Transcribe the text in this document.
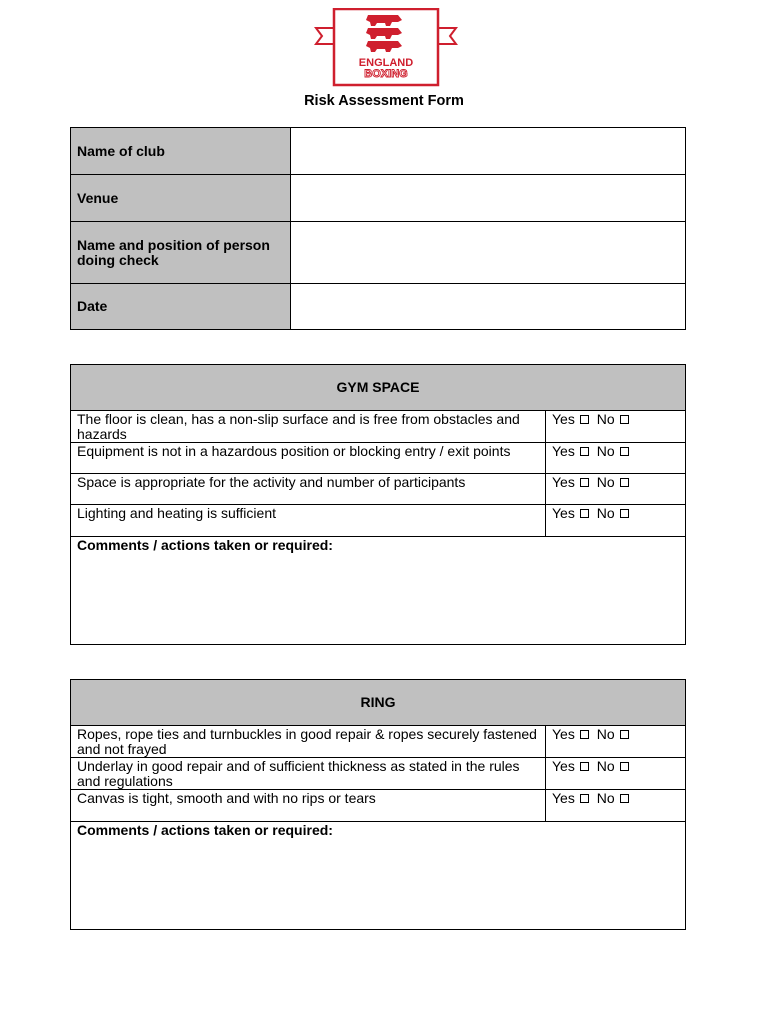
ENGLAND
BOXING
Risk Assessment Form
Name of club	
Venue	
Name and position of person doing check	
Date	
GYM SPACE	
The floor is clean, has a non-slip surface and is free from obstacles and hazards	Yes No
Equipment is not in a hazardous position or blocking entry / exit points	Yes No
Space is appropriate for the activity and number of participants	Yes No
Lighting and heating is sufficient	Yes No
Comments / actions taken or required:	
RING	
Ropes, rope ties and turnbuckles in good repair & ropes securely fastened and not frayed	Yes No
Underlay in good repair and of sufficient thickness as stated in the rules and regulations	Yes No
Canvas is tight, smooth and with no rips or tears	Yes No
Comments / actions taken or required:	
